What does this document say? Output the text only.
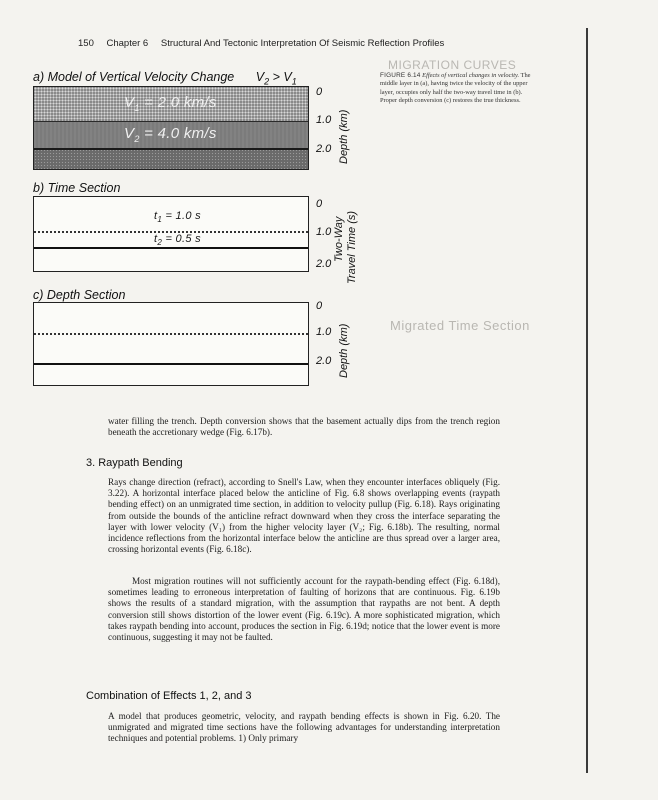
MIGRATION CURVES
Migrated Time Section
150 Chapter 6 Structural And Tectonic Interpretation Of Seismic Reflection Profiles
a) Model of Vertical Velocity Change $V_2 > V_1$
$V_1 = 2.0$ km/s
$V_2 = 4.0$ km/s
0
1.0
2.0 Depth (km)
b) Time Section
$t_1 = 1.0$ s
$t_2 = 0.5$ s
0
1.0
2.0
Two-Way Travel Time (s)
c) Depth Section
0
1.0
2.0 Depth (km)
FIGURE 6.14 Effects of vertical changes in velocity. The middle layer in (a), having twice the velocity of the upper layer, occupies only half the two-way travel time in (b). Proper depth conversion (c) restores the true thickness.
water filling the trench. Depth conversion shows that the basement actually dips from the trench region beneath the accretionary wedge (Fig. 6.17b).
3. Raypath Bending
Rays change direction (refract), according to Snell's Law, when they encounter interfaces obliquely (Fig. 3.22). A horizontal interface placed below the anticline of Fig. 6.8 shows overlapping events (raypath bending effect) on an unmigrated time section, in addition to velocity pullup (Fig. 6.18). Rays originating from outside the bounds of the anticline refract downward when they cross the interface separating the layer with lower velocity (V₁) from the higher velocity layer (V₂; Fig. 6.18b). The resulting, normal incidence reflections from the horizontal interface below the anticline are thus spread over a larger area, crossing horizontal events (Fig. 6.18c).
Most migration routines will not sufficiently account for the raypath-bending effect (Fig. 6.18d), sometimes leading to erroneous interpretation of faulting of horizons that are continuous. Fig. 6.19b shows the results of a standard migration, with the assumption that raypaths are not bent. A depth conversion still shows distortion of the lower event (Fig. 6.19c). A more sophisticated migration, which takes raypath bending into account, produces the section in Fig. 6.19d; notice that the lower event is more continuous, suggesting it may not be faulted.
Combination of Effects 1, 2, and 3
A model that produces geometric, velocity, and raypath bending effects is shown in Fig. 6.20. The unmigrated and migrated time sections have the following advantages for understanding interpretation techniques and potential problems. 1) Only primary
